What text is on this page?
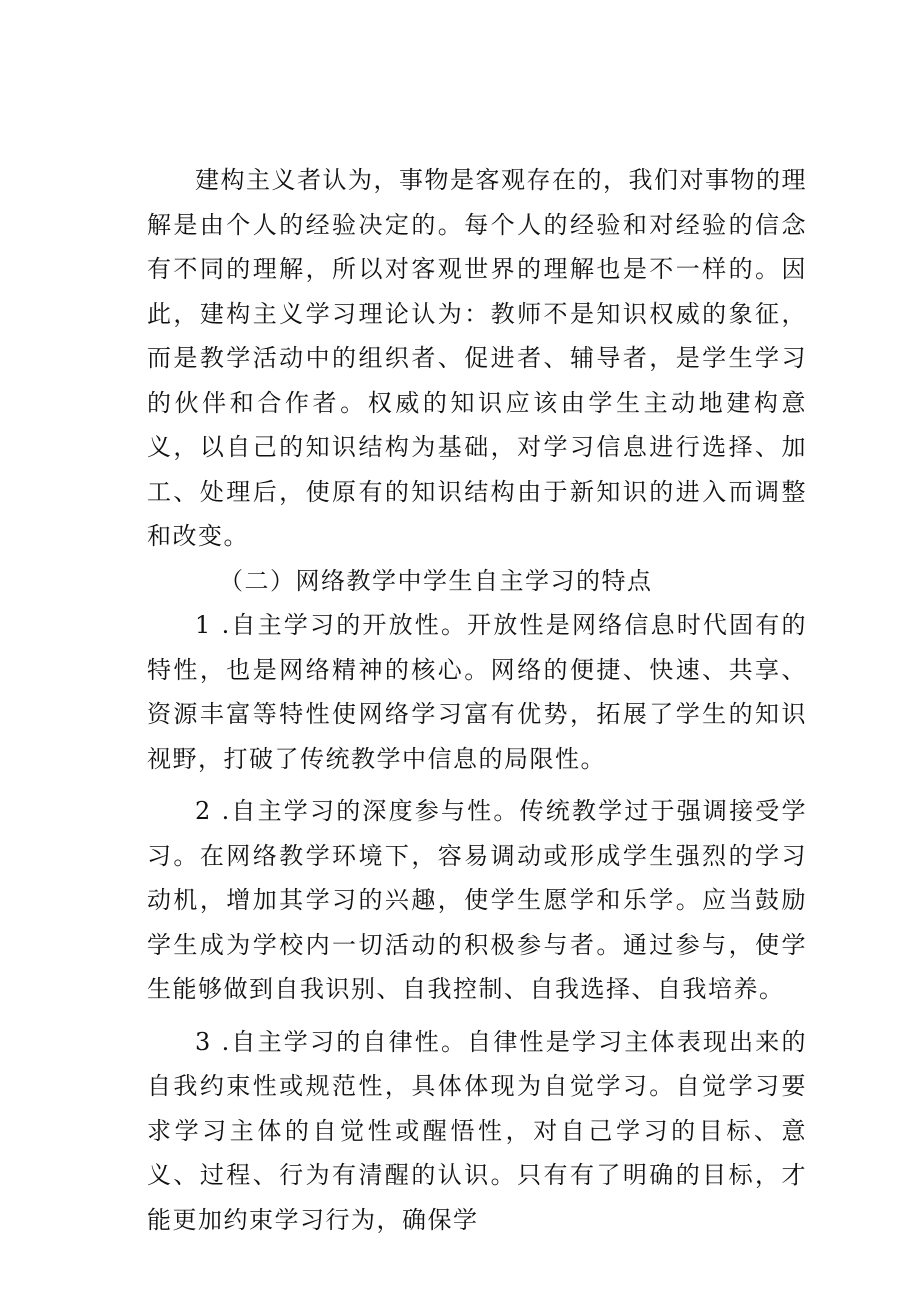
建构主义者认为，事物是客观存在的，我们对事物的理解是由个人的经验决定的。每个人的经验和对经验的信念有不同的理解，所以对客观世界的理解也是不一样的。因此，建构主义学习理论认为：教师不是知识权威的象征，而是教学活动中的组织者、促进者、辅导者，是学生学习的伙伴和合作者。权威的知识应该由学生主动地建构意义，以自己的知识结构为基础，对学习信息进行选择、加工、处理后，使原有的知识结构由于新知识的进入而调整和改变。

（二）网络教学中学生自主学习的特点

1 .自主学习的开放性。开放性是网络信息时代固有的特性，也是网络精神的核心。网络的便捷、快速、共享、资源丰富等特性使网络学习富有优势，拓展了学生的知识视野，打破了传统教学中信息的局限性。

2 .自主学习的深度参与性。传统教学过于强调接受学习。在网络教学环境下，容易调动或形成学生强烈的学习动机，增加其学习的兴趣，使学生愿学和乐学。应当鼓励学生成为学校内一切活动的积极参与者。通过参与，使学生能够做到自我识别、自我控制、自我选择、自我培养。

3 .自主学习的自律性。自律性是学习主体表现出来的自我约束性或规范性，具体体现为自觉学习。自觉学习要求学习主体的自觉性或醒悟性，对自己学习的目标、意义、过程、行为有清醒的认识。只有有了明确的目标，才能更加约束学习行为，确保学
